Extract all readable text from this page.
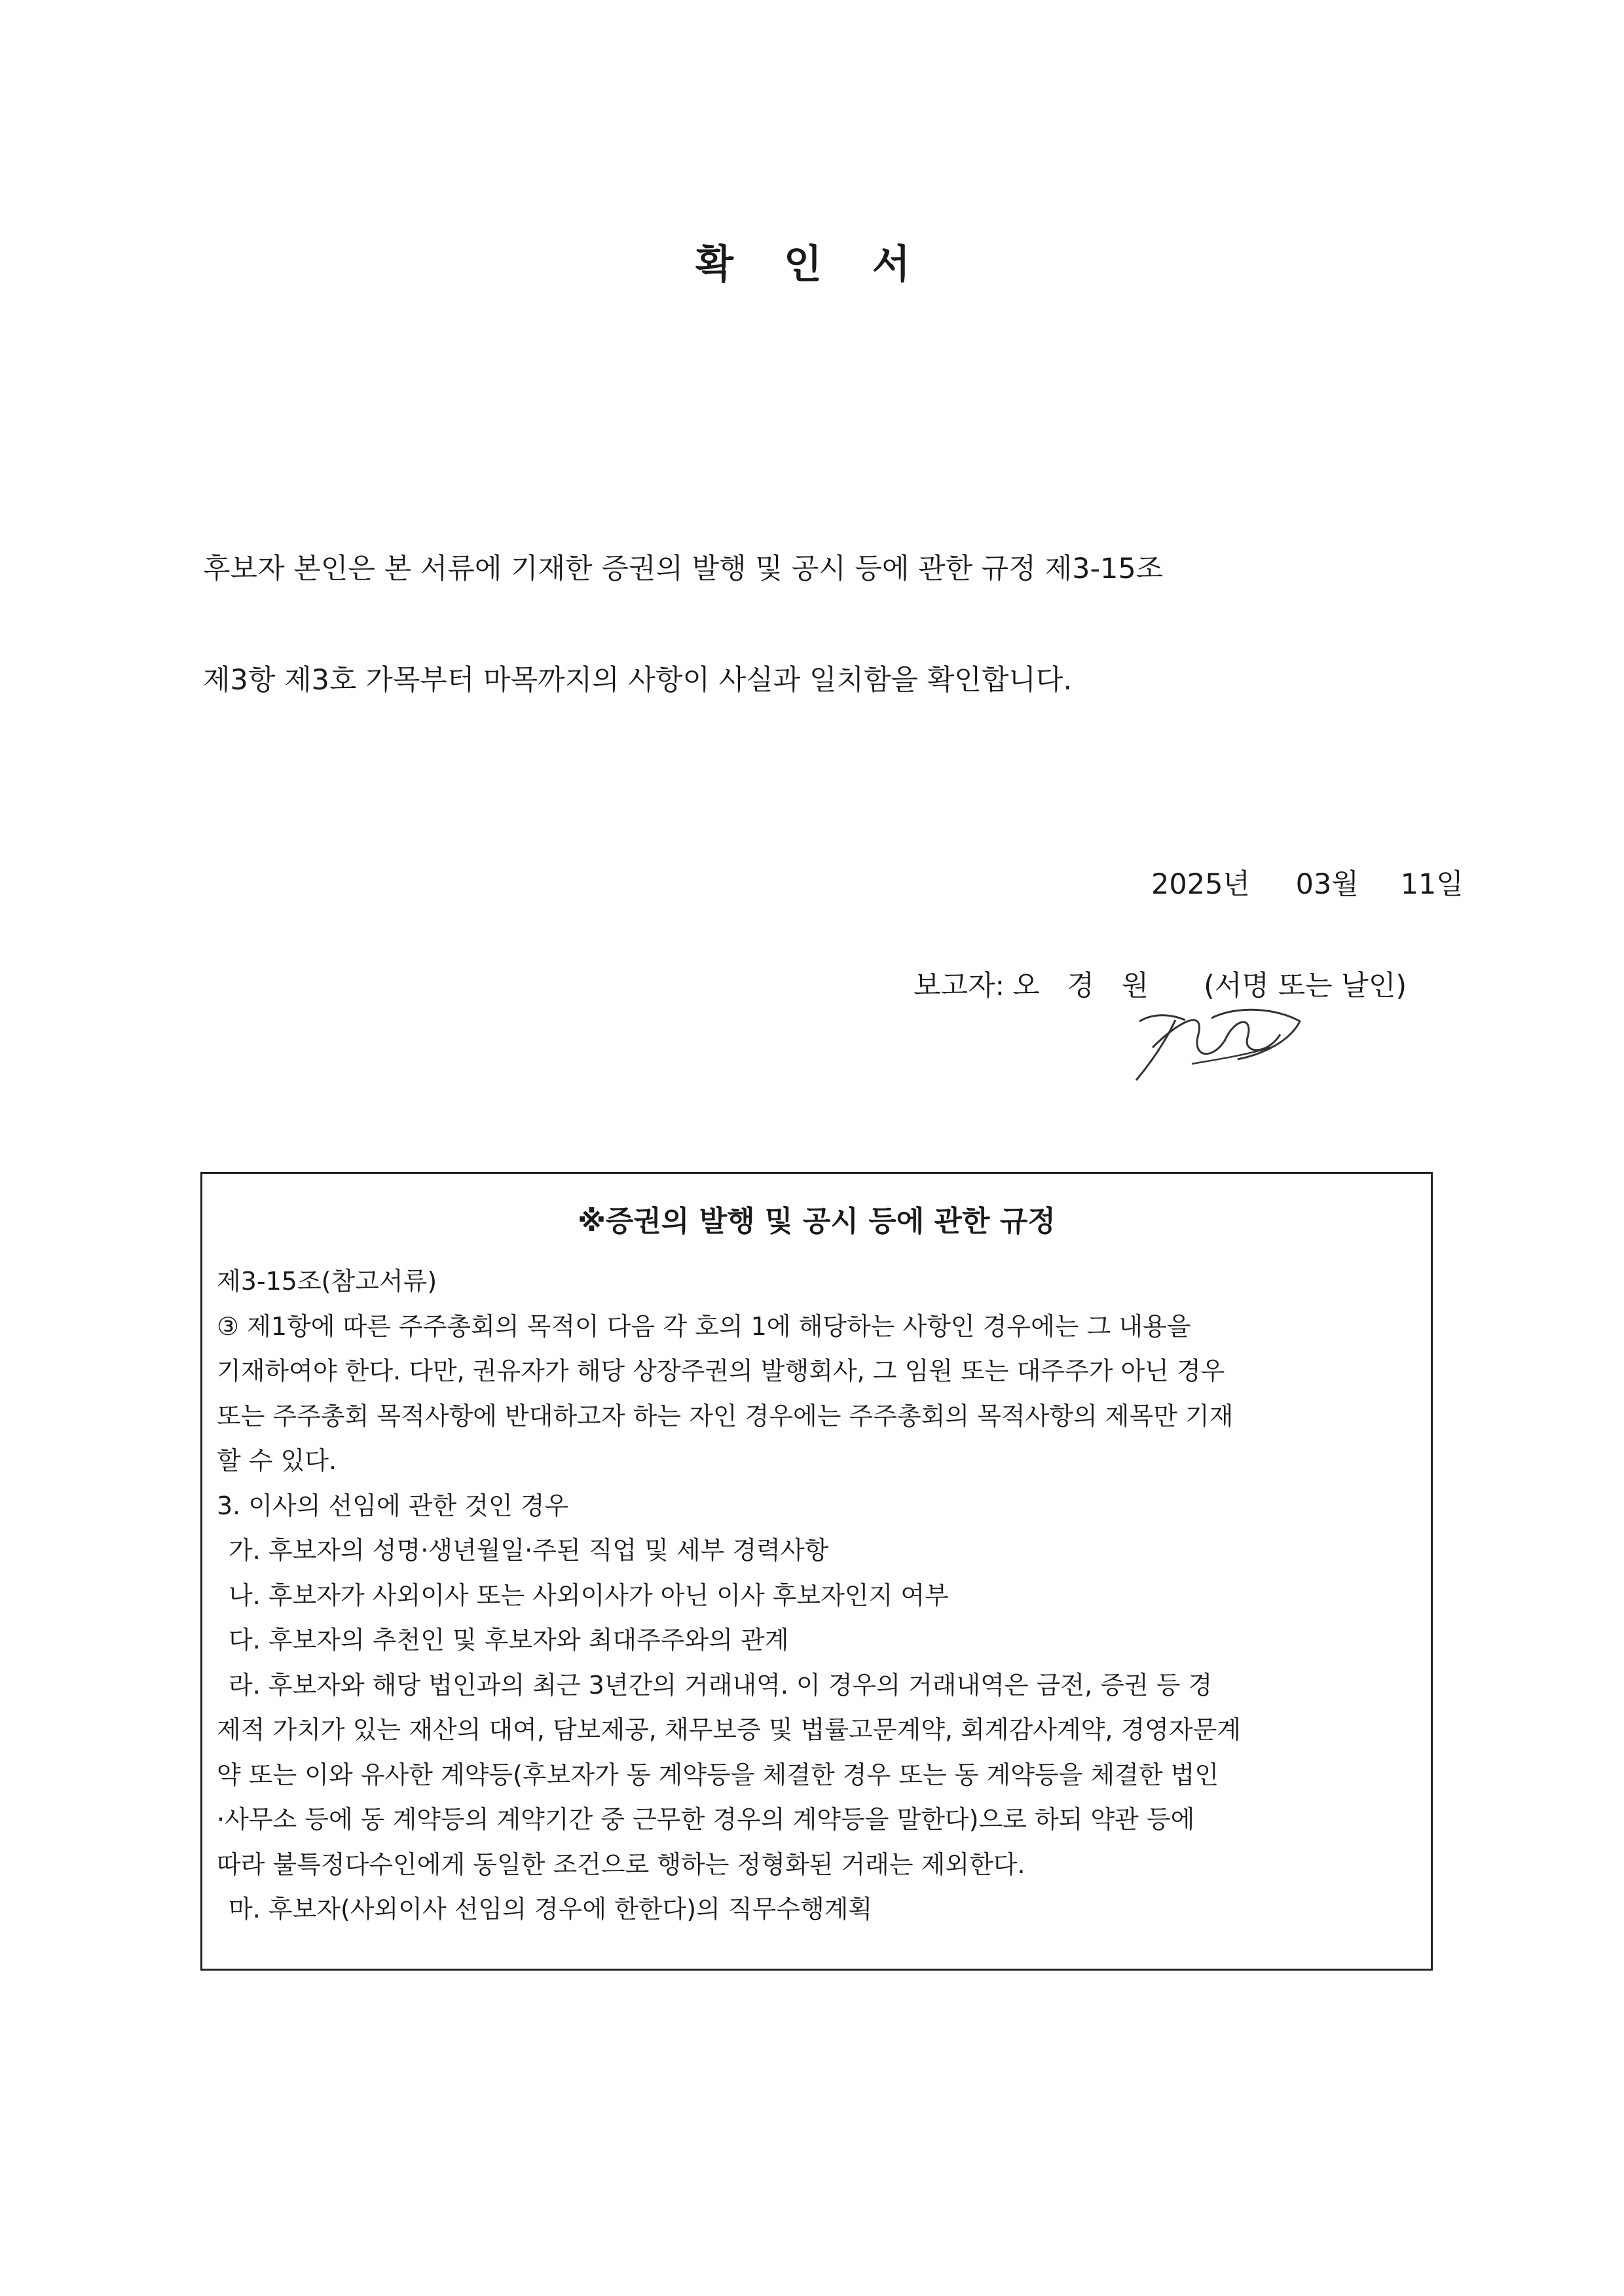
확 인 서

후보자 본인은 본 서류에 기재한 증권의 발행 및 공시 등에 관한 규정 제3-15조

제3항 제3호 가목부터 마목까지의 사항이 사실과 일치함을 확인합니다.

2025년 03월 11일
보고자: 오 경 원 (서명 또는 날인)
※증권의 발행 및 공시 등에 관한 규정

제3-15조(참고서류)

③ 제1항에 따른 주주총회의 목적이 다음 각 호의 1에 해당하는 사항인 경우에는 그 내용을

기재하여야 한다. 다만, 권유자가 해당 상장주권의 발행회사, 그 임원 또는 대주주가 아닌 경우

또는 주주총회 목적사항에 반대하고자 하는 자인 경우에는 주주총회의 목적사항의 제목만 기재

할 수 있다.

3. 이사의 선임에 관한 것인 경우

가. 후보자의 성명·생년월일·주된 직업 및 세부 경력사항

나. 후보자가 사외이사 또는 사외이사가 아닌 이사 후보자인지 여부

다. 후보자의 추천인 및 후보자와 최대주주와의 관계

라. 후보자와 해당 법인과의 최근 3년간의 거래내역. 이 경우의 거래내역은 금전, 증권 등 경

제적 가치가 있는 재산의 대여, 담보제공, 채무보증 및 법률고문계약, 회계감사계약, 경영자문계

약 또는 이와 유사한 계약등(후보자가 동 계약등을 체결한 경우 또는 동 계약등을 체결한 법인

·사무소 등에 동 계약등의 계약기간 중 근무한 경우의 계약등을 말한다)으로 하되 약관 등에

따라 불특정다수인에게 동일한 조건으로 행하는 정형화된 거래는 제외한다.

마. 후보자(사외이사 선임의 경우에 한한다)의 직무수행계획
